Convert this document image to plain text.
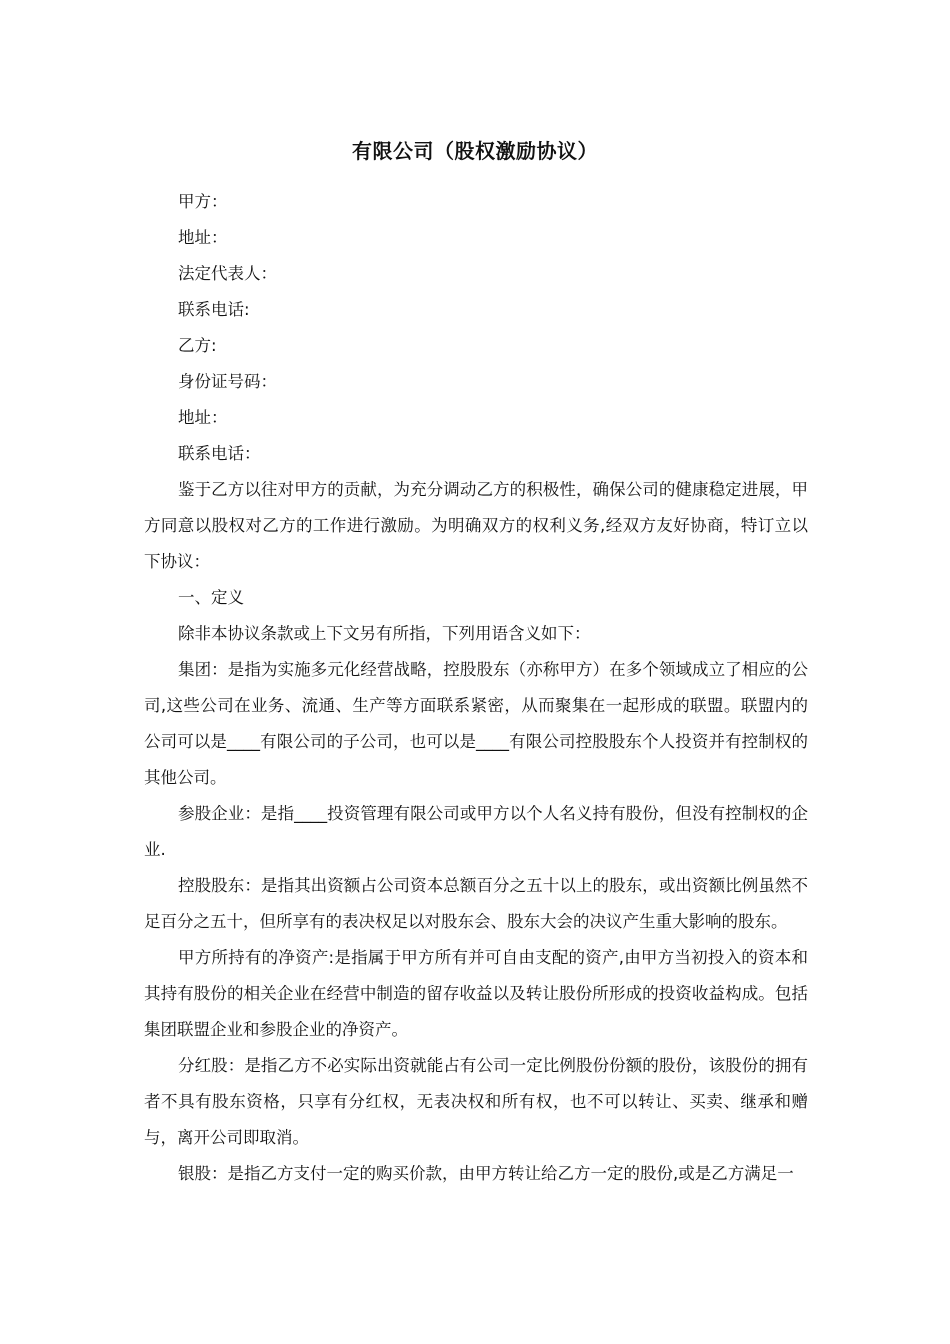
有限公司（股权激励协议）

甲方：

地址：

法定代表人：

联系电话:

乙方:

身份证号码：

地址：

联系电话：

鉴于乙方以往对甲方的贡献，为充分调动乙方的积极性，确保公司的健康稳定进展，甲方同意以股权对乙方的工作进行激励。为明确双方的权利义务,经双方友好协商，特订立以下协议：

一、定义

除非本协议条款或上下文另有所指，下列用语含义如下：

集团：是指为实施多元化经营战略，控股股东（亦称甲方）在多个领域成立了相应的公司,这些公司在业务、流通、生产等方面联系紧密，从而聚集在一起形成的联盟。联盟内的公司可以是____有限公司的子公司，也可以是____有限公司控股股东个人投资并有控制权的其他公司。

参股企业：是指____投资管理有限公司或甲方以个人名义持有股份，但没有控制权的企业.

控股股东：是指其出资额占公司资本总额百分之五十以上的股东，或出资额比例虽然不足百分之五十，但所享有的表决权足以对股东会、股东大会的决议产生重大影响的股东。

甲方所持有的净资产:是指属于甲方所有并可自由支配的资产,由甲方当初投入的资本和其持有股份的相关企业在经营中制造的留存收益以及转让股份所形成的投资收益构成。包括集团联盟企业和参股企业的净资产。

分红股：是指乙方不必实际出资就能占有公司一定比例股份份额的股份，该股份的拥有者不具有股东资格，只享有分红权，无表决权和所有权，也不可以转让、买卖、继承和赠与，离开公司即取消。

银股：是指乙方支付一定的购买价款，由甲方转让给乙方一定的股份,或是乙方满足一
